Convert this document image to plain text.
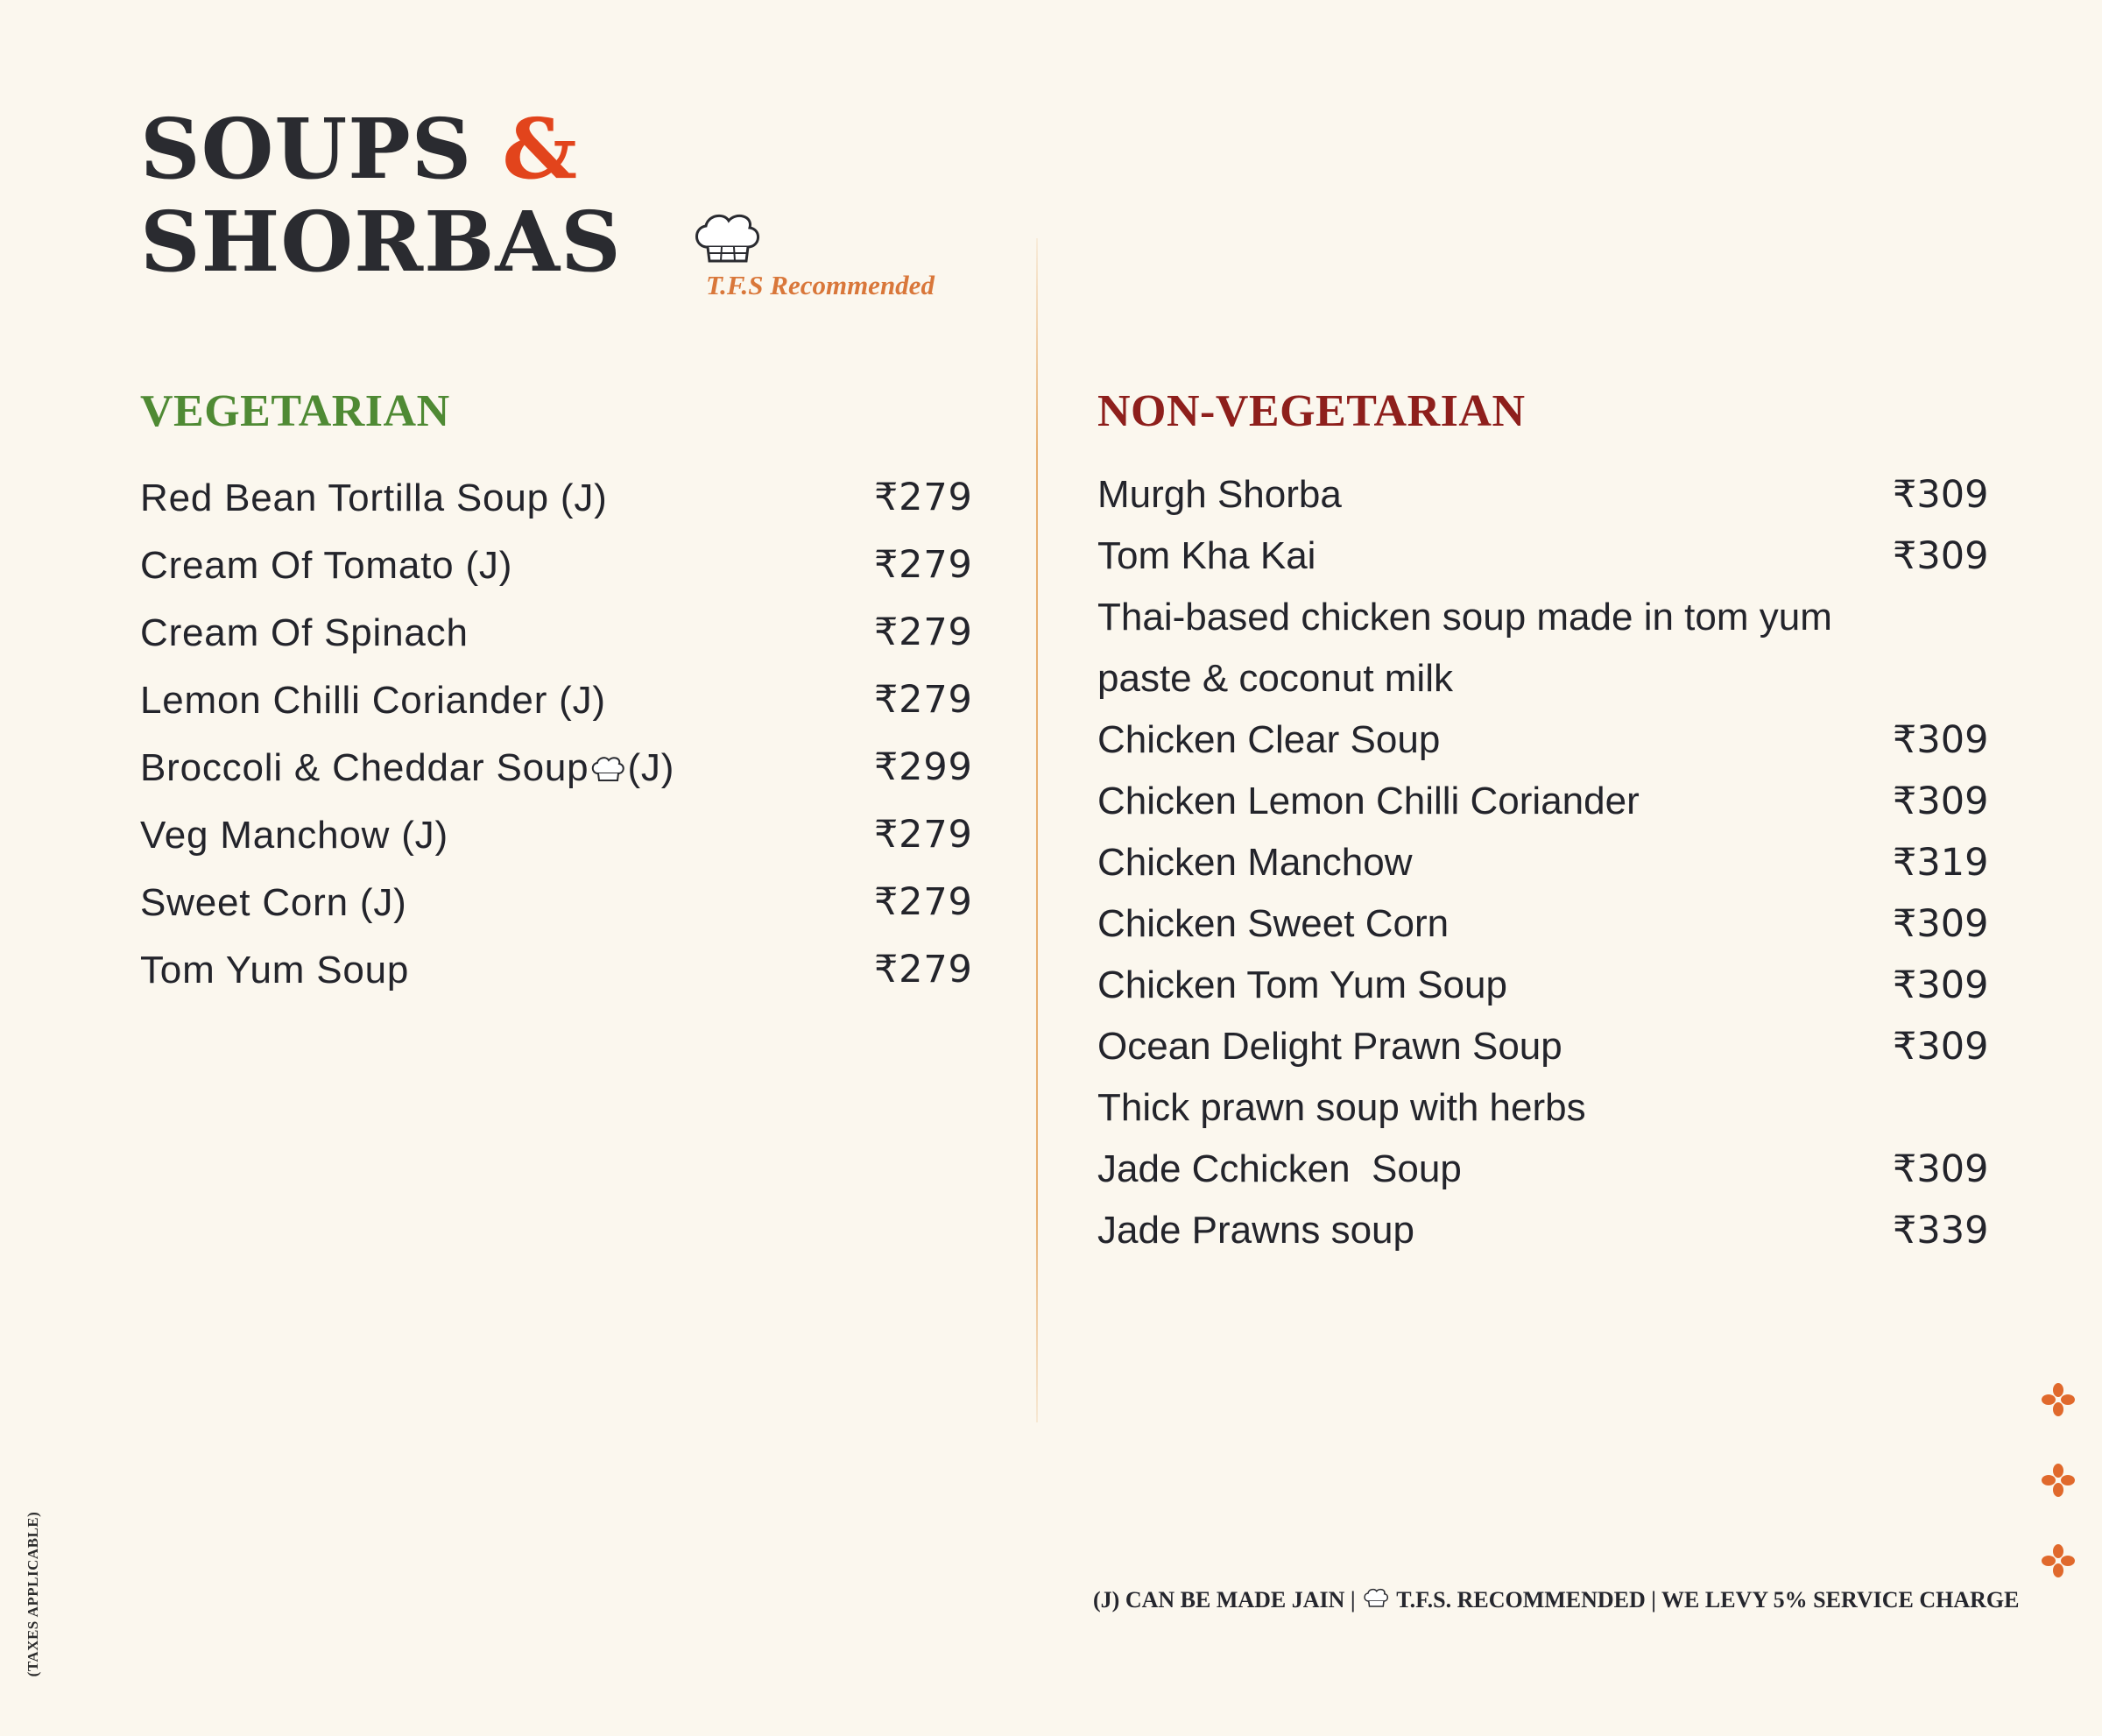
SOUPS &
SHORBAS	T.F.S Recommended
VEGETARIAN
Red Bean Tortilla Soup (J)	₹279
Cream Of Tomato (J)	₹279
Cream Of Spinach	₹279
Lemon Chilli Coriander (J)	₹279
Broccoli & Cheddar Soup (J)	₹299
Veg Manchow (J)	₹279
Sweet Corn (J)	₹279
Tom Yum Soup	₹279
NON-VEGETARIAN
Murgh Shorba	₹309
Tom Kha Kai	₹309
Thai-based chicken soup made in tom yum
paste & coconut milk
Chicken Clear Soup	₹309
Chicken Lemon Chilli Coriander	₹309
Chicken Manchow	₹319
Chicken Sweet Corn	₹309
Chicken Tom Yum Soup	₹309
Ocean Delight Prawn Soup	₹309
Thick prawn soup with herbs
Jade Cchicken  Soup	₹309
Jade Prawns soup	₹339
(TAXES APPLICABLE)	(J) CAN BE MADE JAIN | T.F.S. RECOMMENDED | WE LEVY 5% SERVICE CHARGE
